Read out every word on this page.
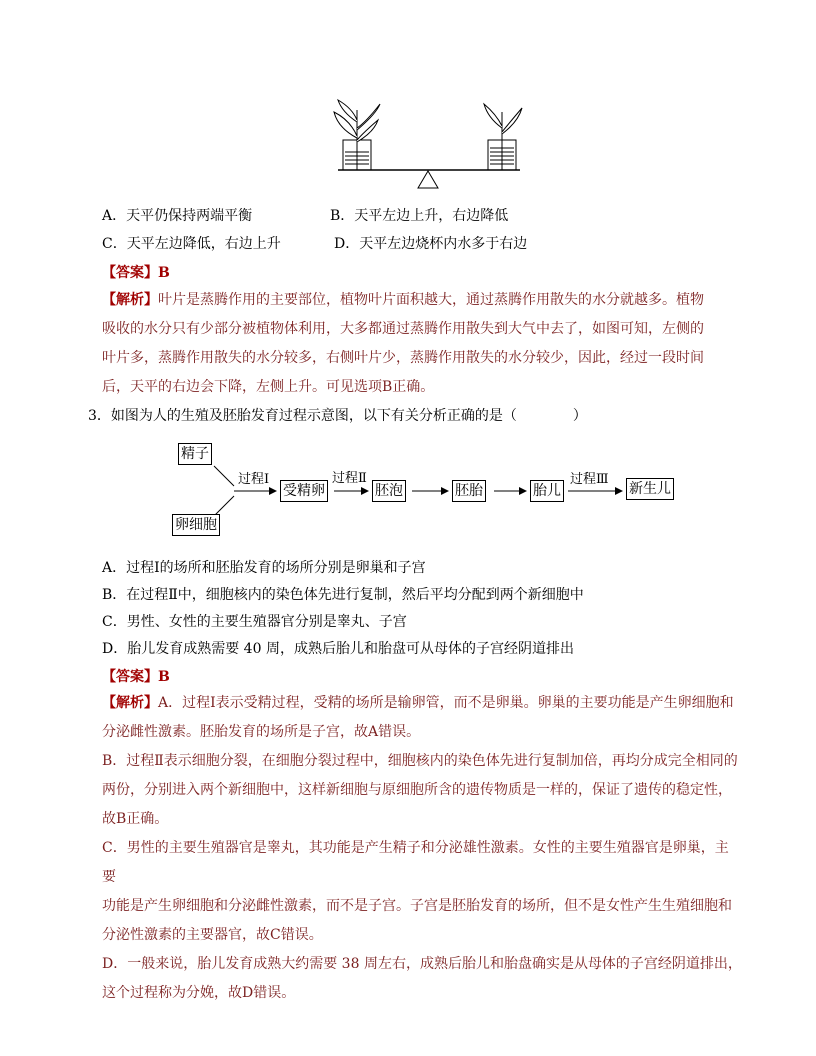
A．天平仍保持两端平衡	B．天平左边上升，右边降低
C．天平左边降低，右边上升	D．天平左边烧杯内水多于右边
【答案】B
【解析】叶片是蒸腾作用的主要部位，植物叶片面积越大，通过蒸腾作用散失的水分就越多。植物
吸收的水分只有少部分被植物体利用，大多都通过蒸腾作用散失到大气中去了，如图可知，左侧的
叶片多，蒸腾作用散失的水分较多，右侧叶片少，蒸腾作用散失的水分较少，因此，经过一段时间
后，天平的右边会下降，左侧上升。可见选项B正确。
3．如图为人的生殖及胚胎发育过程示意图，以下有关分析正确的是（　　　　）
精子
卵细胞
过程Ⅰ
受精卵
过程Ⅱ
胚泡	胚胎	胎儿
过程Ⅲ
新生儿
A．过程Ⅰ的场所和胚胎发育的场所分别是卵巢和子宫
B．在过程Ⅱ中，细胞核内的染色体先进行复制，然后平均分配到两个新细胞中
C．男性、女性的主要生殖器官分别是睾丸、子宫
D．胎儿发育成熟需要 40 周，成熟后胎儿和胎盘可从母体的子宫经阴道排出
【答案】B
【解析】A．过程Ⅰ表示受精过程，受精的场所是输卵管，而不是卵巢。卵巢的主要功能是产生卵细胞和
分泌雌性激素。胚胎发育的场所是子宫，故A错误。
B．过程Ⅱ表示细胞分裂，在细胞分裂过程中，细胞核内的染色体先进行复制加倍，再均分成完全相同的
两份，分别进入两个新细胞中，这样新细胞与原细胞所含的遗传物质是一样的，保证了遗传的稳定性，
故B正确。
C．男性的主要生殖器官是睾丸，其功能是产生精子和分泌雄性激素。女性的主要生殖器官是卵巢，主要
功能是产生卵细胞和分泌雌性激素，而不是子宫。子宫是胚胎发育的场所，但不是女性产生生殖细胞和
分泌性激素的主要器官，故C错误。
D．一般来说，胎儿发育成熟大约需要 38 周左右，成熟后胎儿和胎盘确实是从母体的子宫经阴道排出，
这个过程称为分娩，故D错误。
